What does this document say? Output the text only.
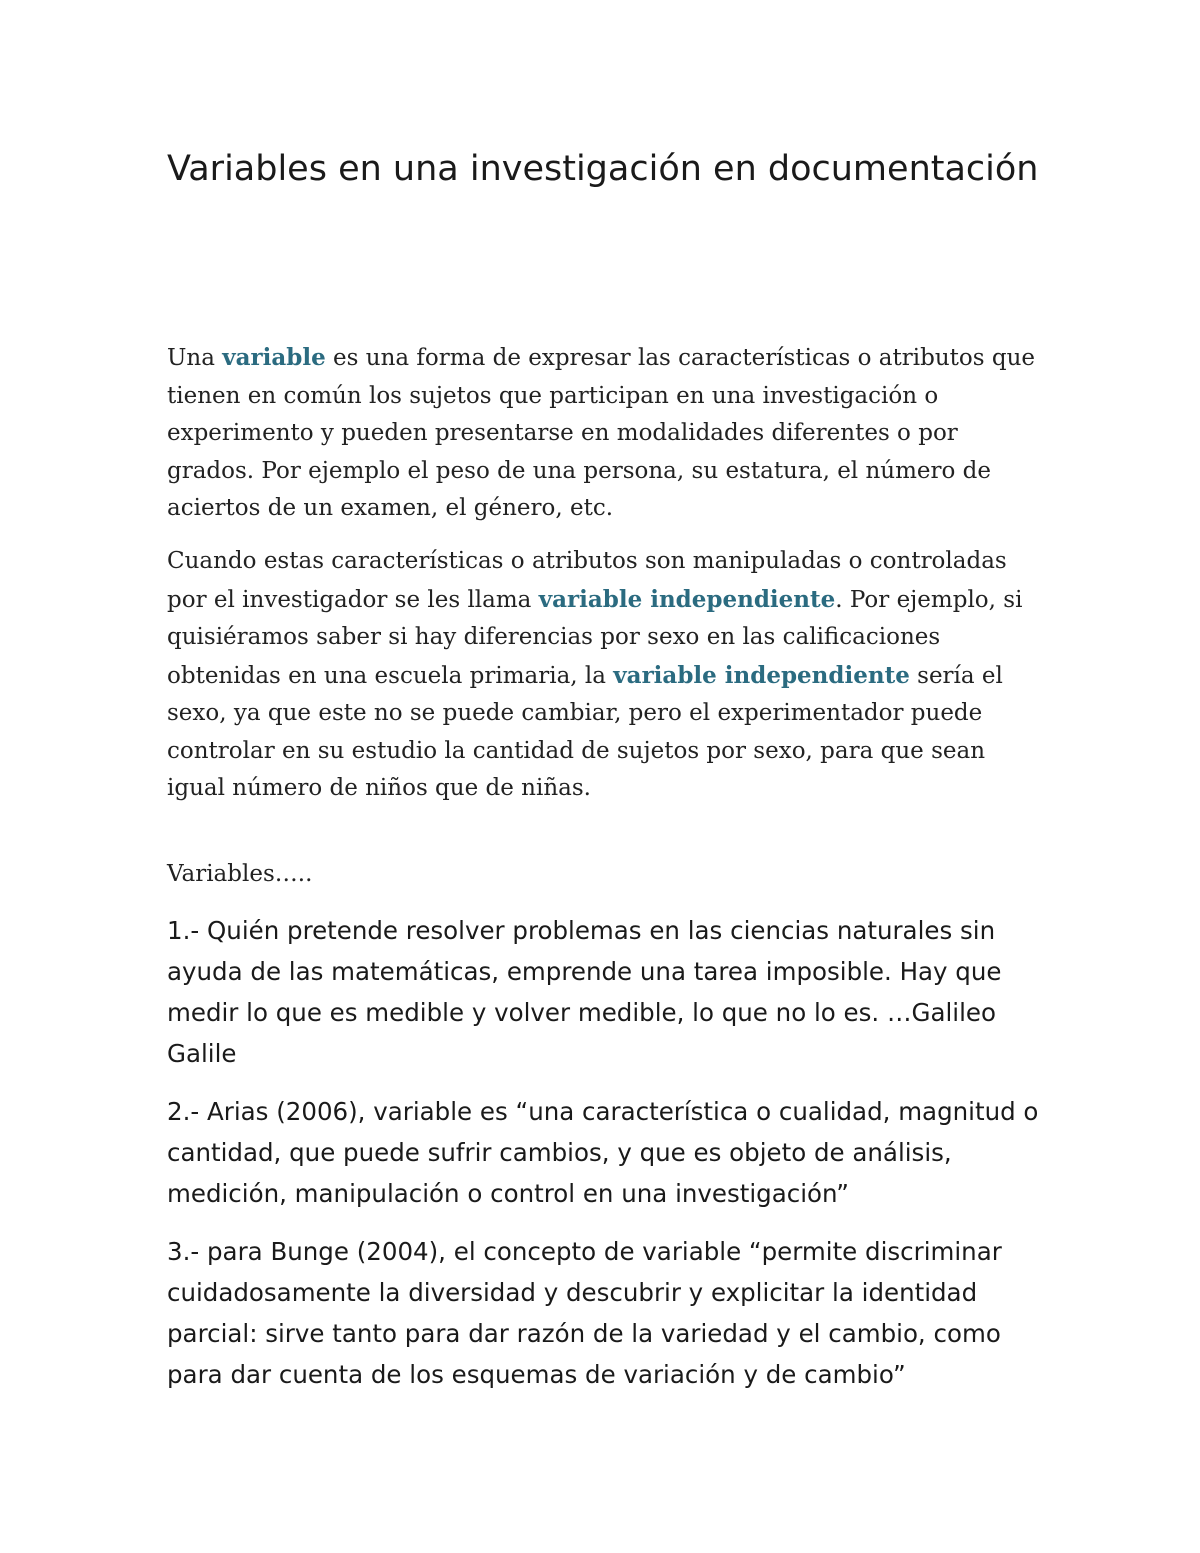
Variables en una investigación en documentación

Una variable es una forma de expresar las características o atributos que tienen en común los sujetos que participan en una investigación o experimento y pueden presentarse en modalidades diferentes o por grados. Por ejemplo el peso de una persona, su estatura, el número de aciertos de un examen, el género, etc.

Cuando estas características o atributos son manipuladas o controladas por el investigador se les llama variable independiente. Por ejemplo, si quisiéramos saber si hay diferencias por sexo en las calificaciones obtenidas en una escuela primaria, la variable independiente sería el sexo, ya que este no se puede cambiar, pero el experimentador puede controlar en su estudio la cantidad de sujetos por sexo, para que sean igual número de niños que de niñas.

Variables…..

1.- Quién pretende resolver problemas en las ciencias naturales sin ayuda de las matemáticas, emprende una tarea imposible. Hay que medir lo que es medible y volver medible, lo que no lo es. …Galileo Galile

2.- Arias (2006), variable es “una característica o cualidad, magnitud o cantidad, que puede sufrir cambios, y que es objeto de análisis, medición, manipulación o control en una investigación”

3.- para Bunge (2004), el concepto de variable “permite discriminar cuidadosamente la diversidad y descubrir y explicitar la identidad parcial: sirve tanto para dar razón de la variedad y el cambio, como para dar cuenta de los esquemas de variación y de cambio”
